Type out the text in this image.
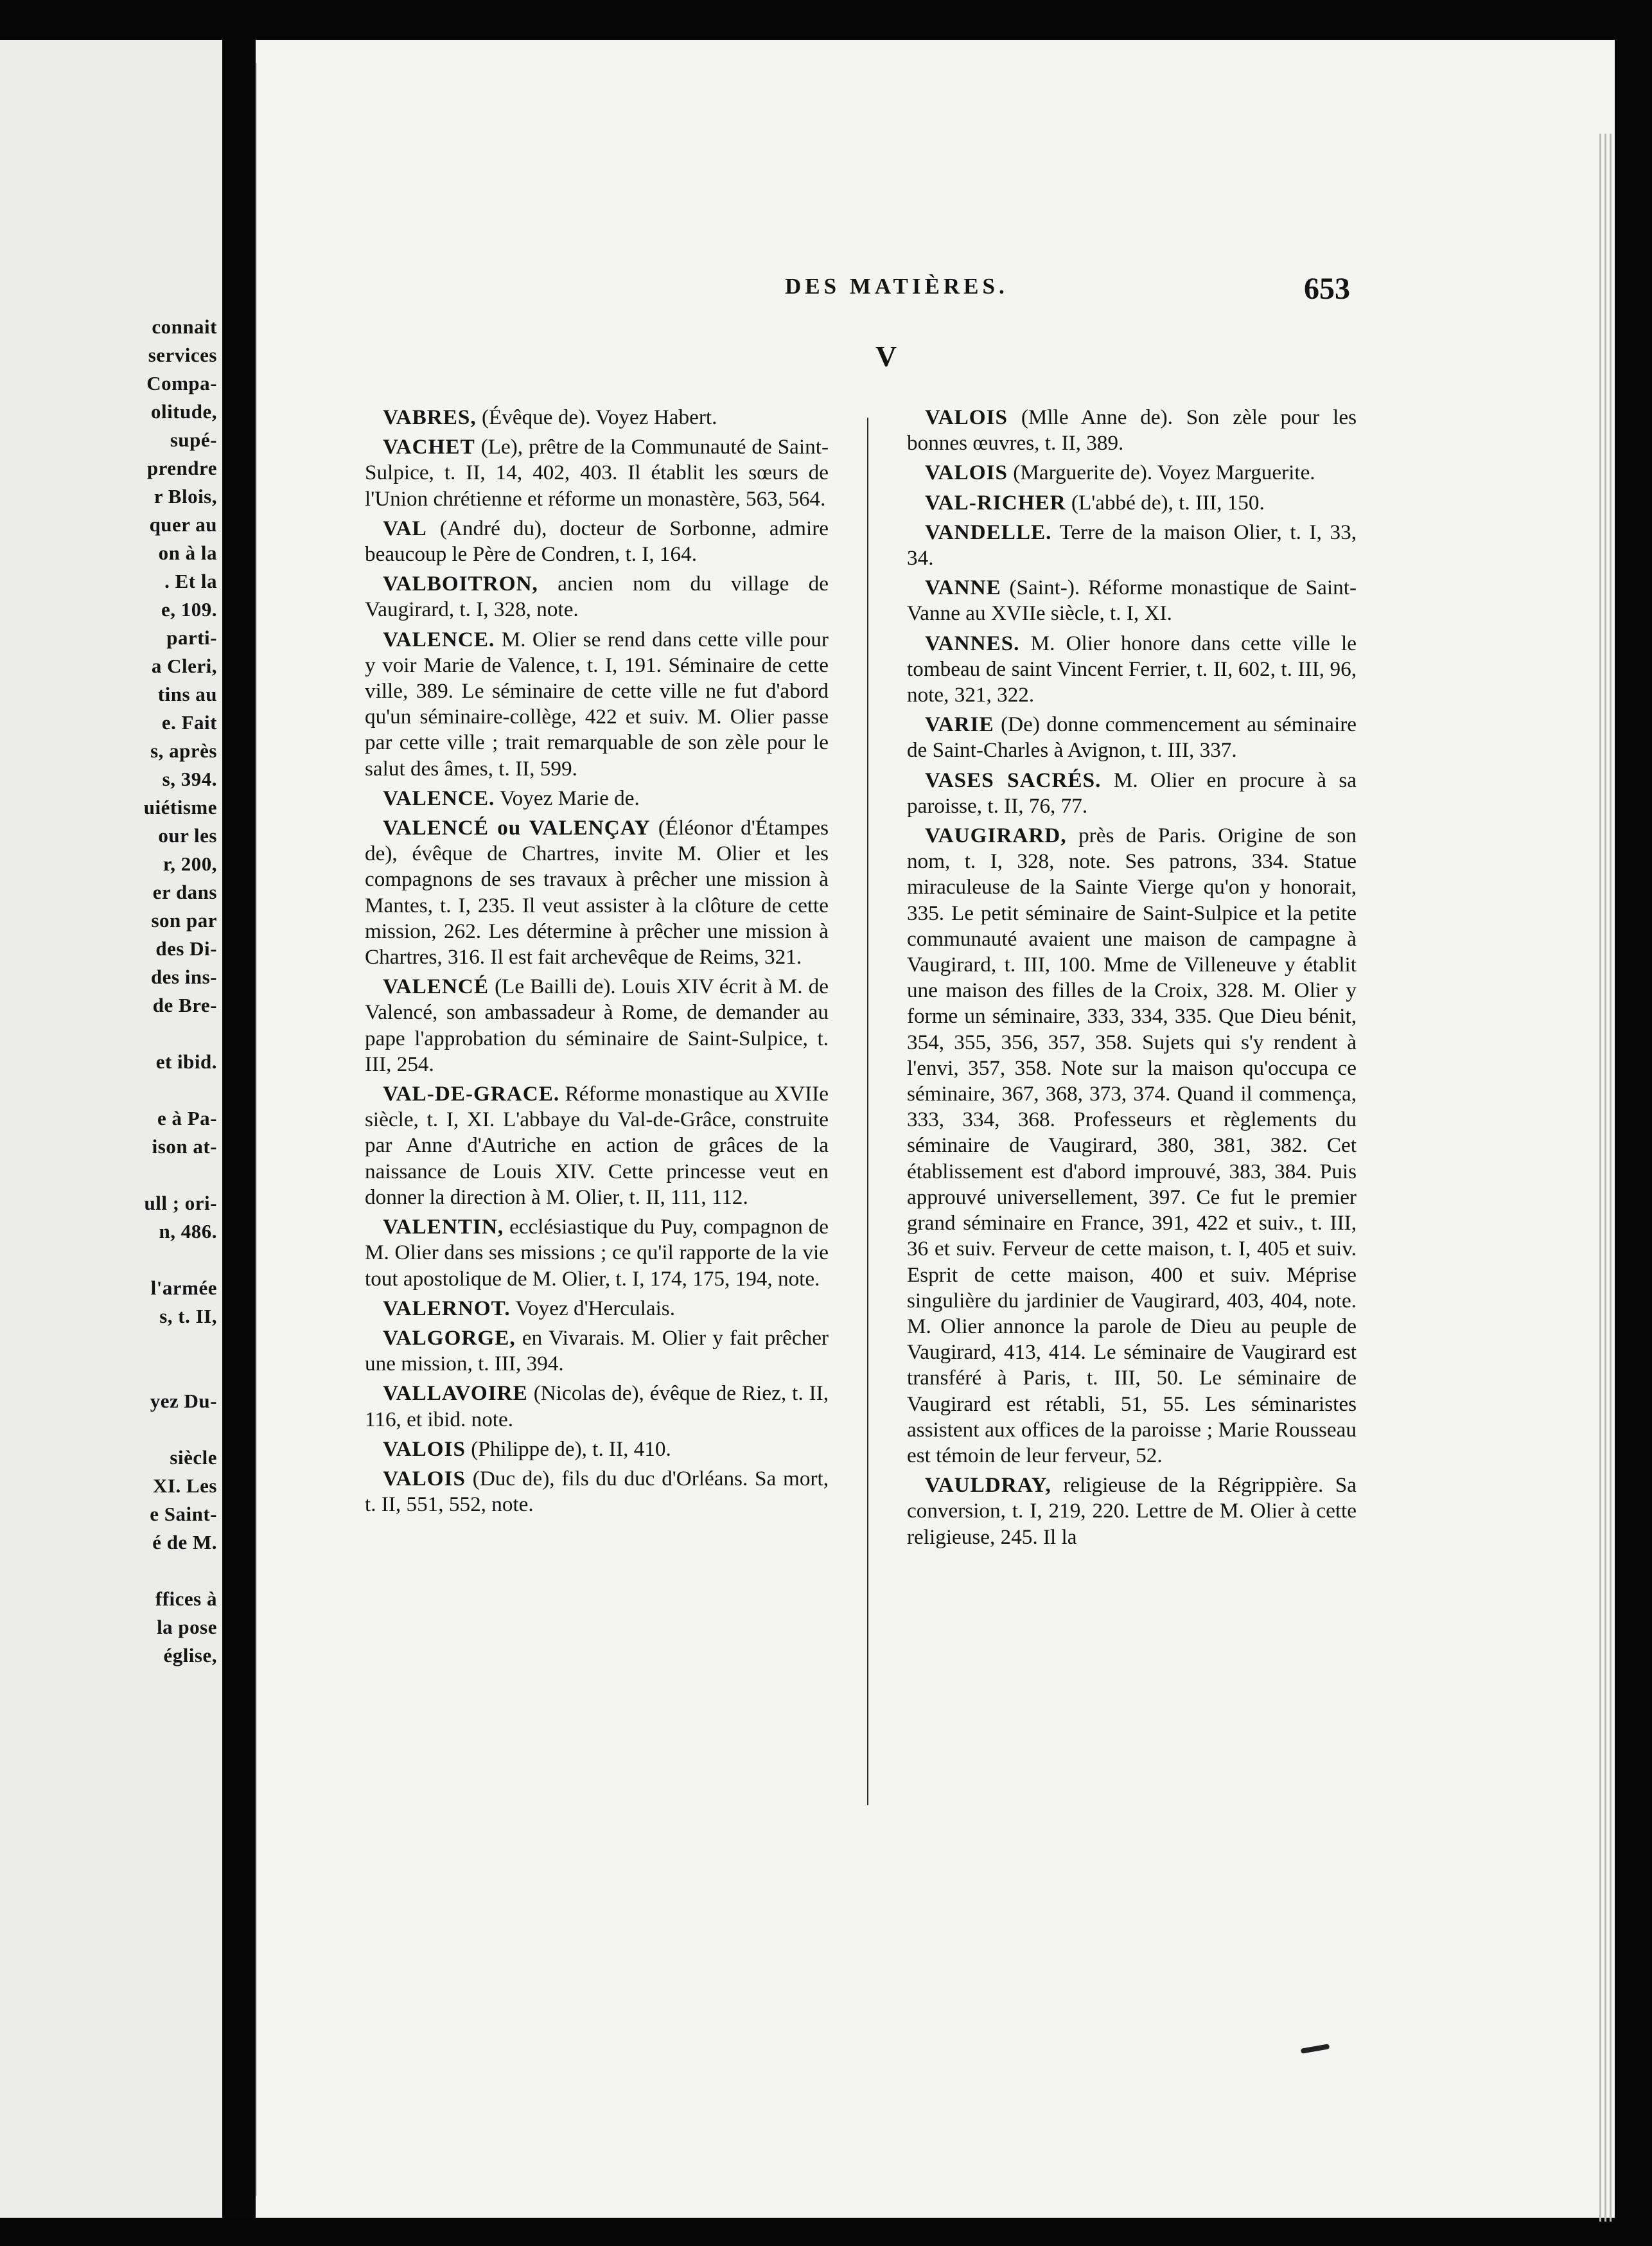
connait
services
Compa-
olitude,
supé-
prendre
r Blois,
quer au
on à la
. Et la
e, 109.
parti-
a Cleri,
tins au
e. Fait
s, après
s, 394.
uiétisme
our les
r, 200,
er dans
son par
des Di-
des ins-
de Bre-

et ibid.

e à Pa-
ison at-

ull ; ori-
n, 486.

l'armée
s, t. II,

yez Du-

siècle
XI. Les
e Saint-
é de M.

ffices à
la pose
église,
DES MATIÈRES.	653
V

VABRES, (Évêque de). Voyez Habert.

VACHET (Le), prêtre de la Communauté de Saint-Sulpice, t. II, 14, 402, 403. Il établit les sœurs de l'Union chrétienne et réforme un monastère, 563, 564.

VAL (André du), docteur de Sorbonne, admire beaucoup le Père de Condren, t. I, 164.

VALBOITRON, ancien nom du village de Vaugirard, t. I, 328, note.

VALENCE. M. Olier se rend dans cette ville pour y voir Marie de Valence, t. I, 191. Séminaire de cette ville, 389. Le séminaire de cette ville ne fut d'abord qu'un séminaire-collège, 422 et suiv. M. Olier passe par cette ville ; trait remarquable de son zèle pour le salut des âmes, t. II, 599.

VALENCE. Voyez Marie de.

VALENCÉ ou VALENÇAY (Éléonor d'Étampes de), évêque de Chartres, invite M. Olier et les compagnons de ses travaux à prêcher une mission à Mantes, t. I, 235. Il veut assister à la clôture de cette mission, 262. Les détermine à prêcher une mission à Chartres, 316. Il est fait archevêque de Reims, 321.

VALENCÉ (Le Bailli de). Louis XIV écrit à M. de Valencé, son ambassadeur à Rome, de demander au pape l'approbation du séminaire de Saint-Sulpice, t. III, 254.

VAL-DE-GRACE. Réforme monastique au XVIIe siècle, t. I, XI. L'abbaye du Val-de-Grâce, construite par Anne d'Autriche en action de grâces de la naissance de Louis XIV. Cette princesse veut en donner la direction à M. Olier, t. II, 111, 112.

VALENTIN, ecclésiastique du Puy, compagnon de M. Olier dans ses missions ; ce qu'il rapporte de la vie tout apostolique de M. Olier, t. I, 174, 175, 194, note.

VALERNOT. Voyez d'Herculais.

VALGORGE, en Vivarais. M. Olier y fait prêcher une mission, t. III, 394.

VALLAVOIRE (Nicolas de), évêque de Riez, t. II, 116, et ibid. note.

VALOIS (Philippe de), t. II, 410.

VALOIS (Duc de), fils du duc d'Orléans. Sa mort, t. II, 551, 552, note.

VALOIS (Mlle Anne de). Son zèle pour les bonnes œuvres, t. II, 389.

VALOIS (Marguerite de). Voyez Marguerite.

VAL-RICHER (L'abbé de), t. III, 150.

VANDELLE. Terre de la maison Olier, t. I, 33, 34.

VANNE (Saint-). Réforme monastique de Saint-Vanne au XVIIe siècle, t. I, XI.

VANNES. M. Olier honore dans cette ville le tombeau de saint Vincent Ferrier, t. II, 602, t. III, 96, note, 321, 322.

VARIE (De) donne commencement au séminaire de Saint-Charles à Avignon, t. III, 337.

VASES SACRÉS. M. Olier en procure à sa paroisse, t. II, 76, 77.

VAUGIRARD, près de Paris. Origine de son nom, t. I, 328, note. Ses patrons, 334. Statue miraculeuse de la Sainte Vierge qu'on y honorait, 335. Le petit séminaire de Saint-Sulpice et la petite communauté avaient une maison de campagne à Vaugirard, t. III, 100. Mme de Villeneuve y établit une maison des filles de la Croix, 328. M. Olier y forme un séminaire, 333, 334, 335. Que Dieu bénit, 354, 355, 356, 357, 358. Sujets qui s'y rendent à l'envi, 357, 358. Note sur la maison qu'occupa ce séminaire, 367, 368, 373, 374. Quand il commença, 333, 334, 368. Professeurs et règlements du séminaire de Vaugirard, 380, 381, 382. Cet établissement est d'abord improuvé, 383, 384. Puis approuvé universellement, 397. Ce fut le premier grand séminaire en France, 391, 422 et suiv., t. III, 36 et suiv. Ferveur de cette maison, t. I, 405 et suiv. Esprit de cette maison, 400 et suiv. Méprise singulière du jardinier de Vaugirard, 403, 404, note. M. Olier annonce la parole de Dieu au peuple de Vaugirard, 413, 414. Le séminaire de Vaugirard est transféré à Paris, t. III, 50. Le séminaire de Vaugirard est rétabli, 51, 55. Les séminaristes assistent aux offices de la paroisse ; Marie Rousseau est témoin de leur ferveur, 52.

VAULDRAY, religieuse de la Régrippière. Sa conversion, t. I, 219, 220. Lettre de M. Olier à cette religieuse, 245. Il la
